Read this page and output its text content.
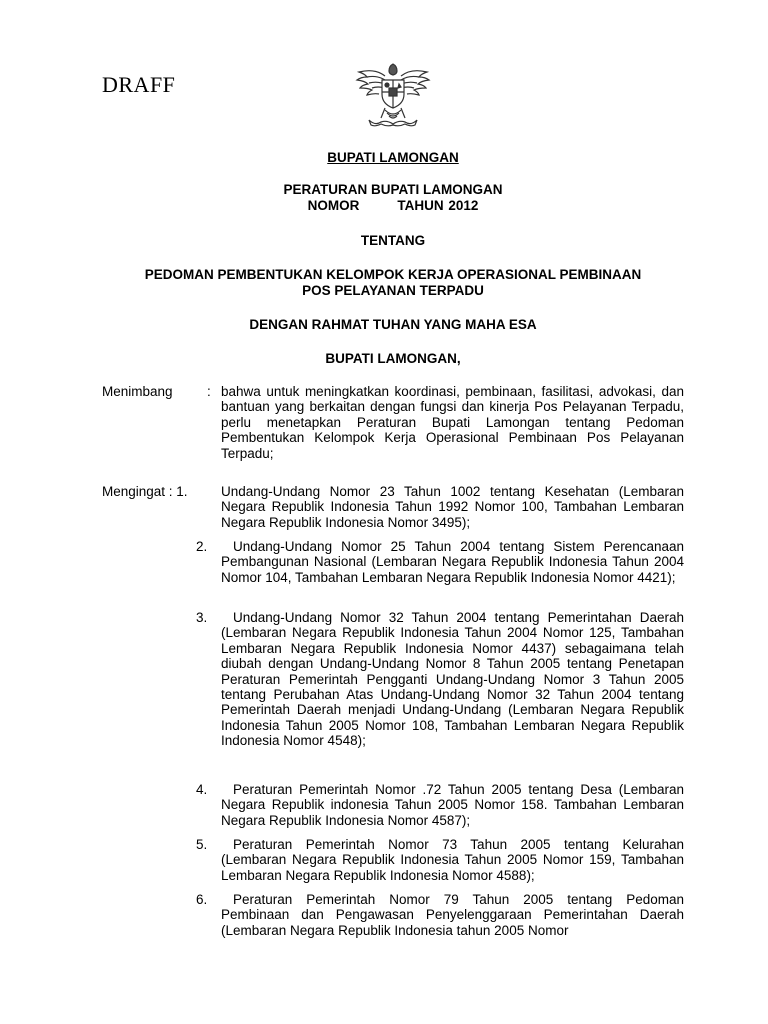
DRAFF
BUPATI LAMONGAN
PERATURAN BUPATI LAMONGAN
NOMOR        TAHUN 2012
TENTANG
PEDOMAN PEMBENTUKAN KELOMPOK KERJA OPERASIONAL PEMBINAAN
POS PELAYANAN TERPADU
DENGAN RAHMAT TUHAN YANG MAHA ESA
BUPATI LAMONGAN,
Menimbang	: bahwa untuk meningkatkan koordinasi, pembinaan, fasilitasi, advokasi, dan bantuan yang berkaitan dengan fungsi dan kinerja Pos Pelayanan Terpadu, perlu menetapkan Peraturan Bupati Lamongan tentang Pedoman Pembentukan Kelompok Kerja Operasional Pembinaan Pos Pelayanan Terpadu;
Mengingat : 1. Undang-Undang Nomor 23 Tahun 1002 tentang Kesehatan (Lembaran Negara Republik Indonesia Tahun 1992 Nomor 100, Tambahan Lembaran Negara Republik Indonesia Nomor 3495);
2.	Undang-Undang Nomor 25 Tahun 2004 tentang Sistem Perencanaan Pembangunan Nasional (Lembaran Negara Republik Indonesia Tahun 2004 Nomor 104, Tambahan Lembaran Negara Republik Indonesia Nomor 4421);
3.	Undang-Undang Nomor 32 Tahun 2004 tentang Pemerintahan Daerah (Lembaran Negara Republik Indonesia Tahun 2004 Nomor 125, Tambahan Lembaran Negara Republik Indonesia Nomor 4437) sebagaimana telah diubah dengan Undang-Undang Nomor 8 Tahun 2005 tentang Penetapan Peraturan Pemerintah Pengganti Undang-Undang Nomor 3 Tahun 2005 tentang Perubahan Atas Undang-Undang Nomor 32 Tahun 2004 tentang Pemerintah Daerah menjadi Undang-Undang (Lembaran Negara Republik Indonesia Tahun 2005 Nomor 108, Tambahan Lembaran Negara Republik Indonesia Nomor 4548);
4.	Peraturan Pemerintah Nomor .72 Tahun 2005 tentang Desa (Lembaran Negara Republik indonesia Tahun 2005 Nomor 158. Tambahan Lembaran Negara Republik Indonesia Nomor 4587);
5.	Peraturan Pemerintah Nomor 73 Tahun 2005 tentang Kelurahan (Lembaran Negara Republik Indonesia Tahun 2005 Nomor 159, Tambahan Lembaran Negara Republik Indonesia Nomor 4588);
6.	Peraturan Pemerintah Nomor 79 Tahun 2005 tentang Pedoman Pembinaan dan Pengawasan Penyelenggaraan Pemerintahan Daerah (Lembaran Negara Republik Indonesia tahun 2005 Nomor
